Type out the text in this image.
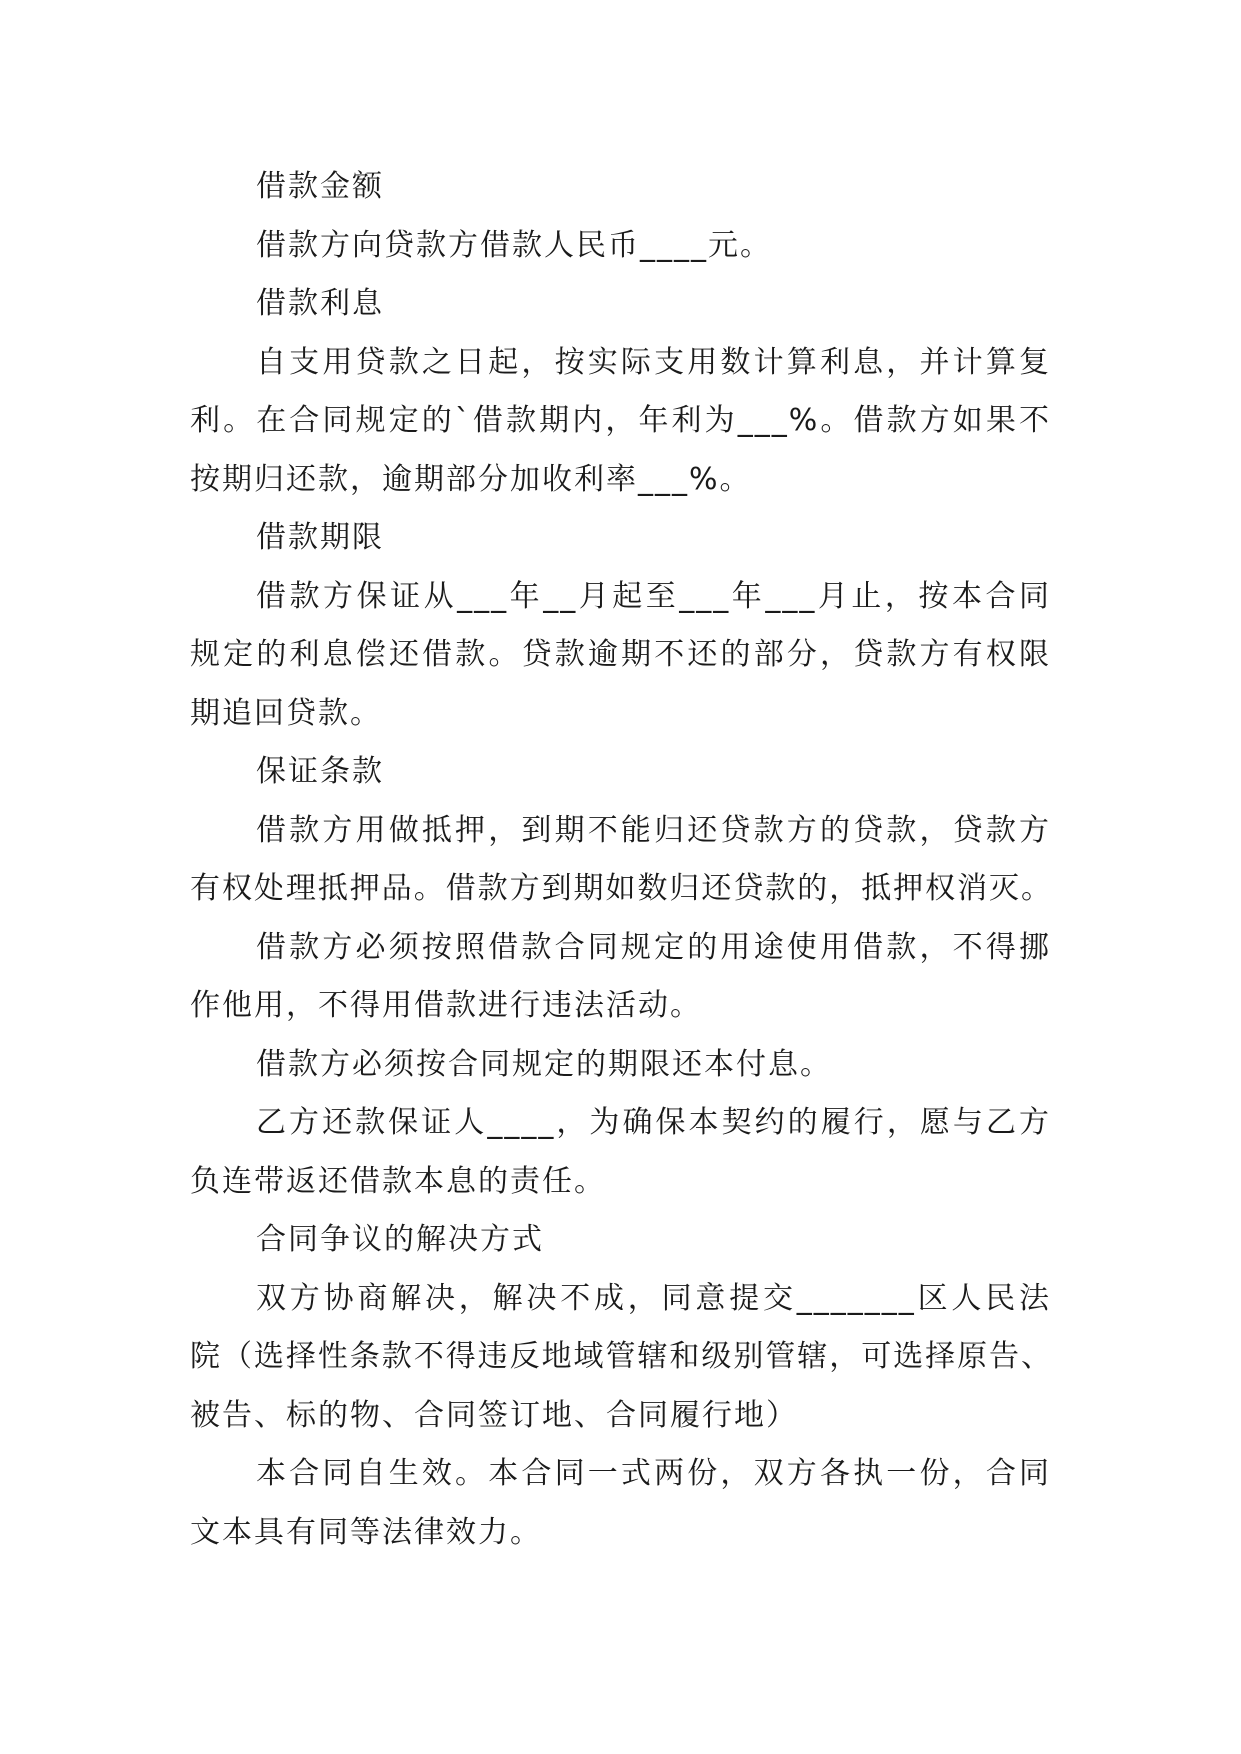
借款金额
借款方向贷款方借款人民币____元。
借款利息
自支用贷款之日起，按实际支用数计算利息，并计算复
利。在合同规定的`借款期内，年利为___%。借款方如果不
按期归还款，逾期部分加收利率___%。
借款期限
借款方保证从___年__月起至___年___月止，按本合同
规定的利息偿还借款。贷款逾期不还的部分，贷款方有权限
期追回贷款。
保证条款
借款方用做抵押，到期不能归还贷款方的贷款，贷款方
有权处理抵押品。借款方到期如数归还贷款的，抵押权消灭。
借款方必须按照借款合同规定的用途使用借款，不得挪
作他用，不得用借款进行违法活动。
借款方必须按合同规定的期限还本付息。
乙方还款保证人____，为确保本契约的履行，愿与乙方
负连带返还借款本息的责任。
合同争议的解决方式
双方协商解决，解决不成，同意提交_______区人民法
院（选择性条款不得违反地域管辖和级别管辖，可选择原告、
被告、标的物、合同签订地、合同履行地）
本合同自生效。本合同一式两份，双方各执一份，合同
文本具有同等法律效力。
